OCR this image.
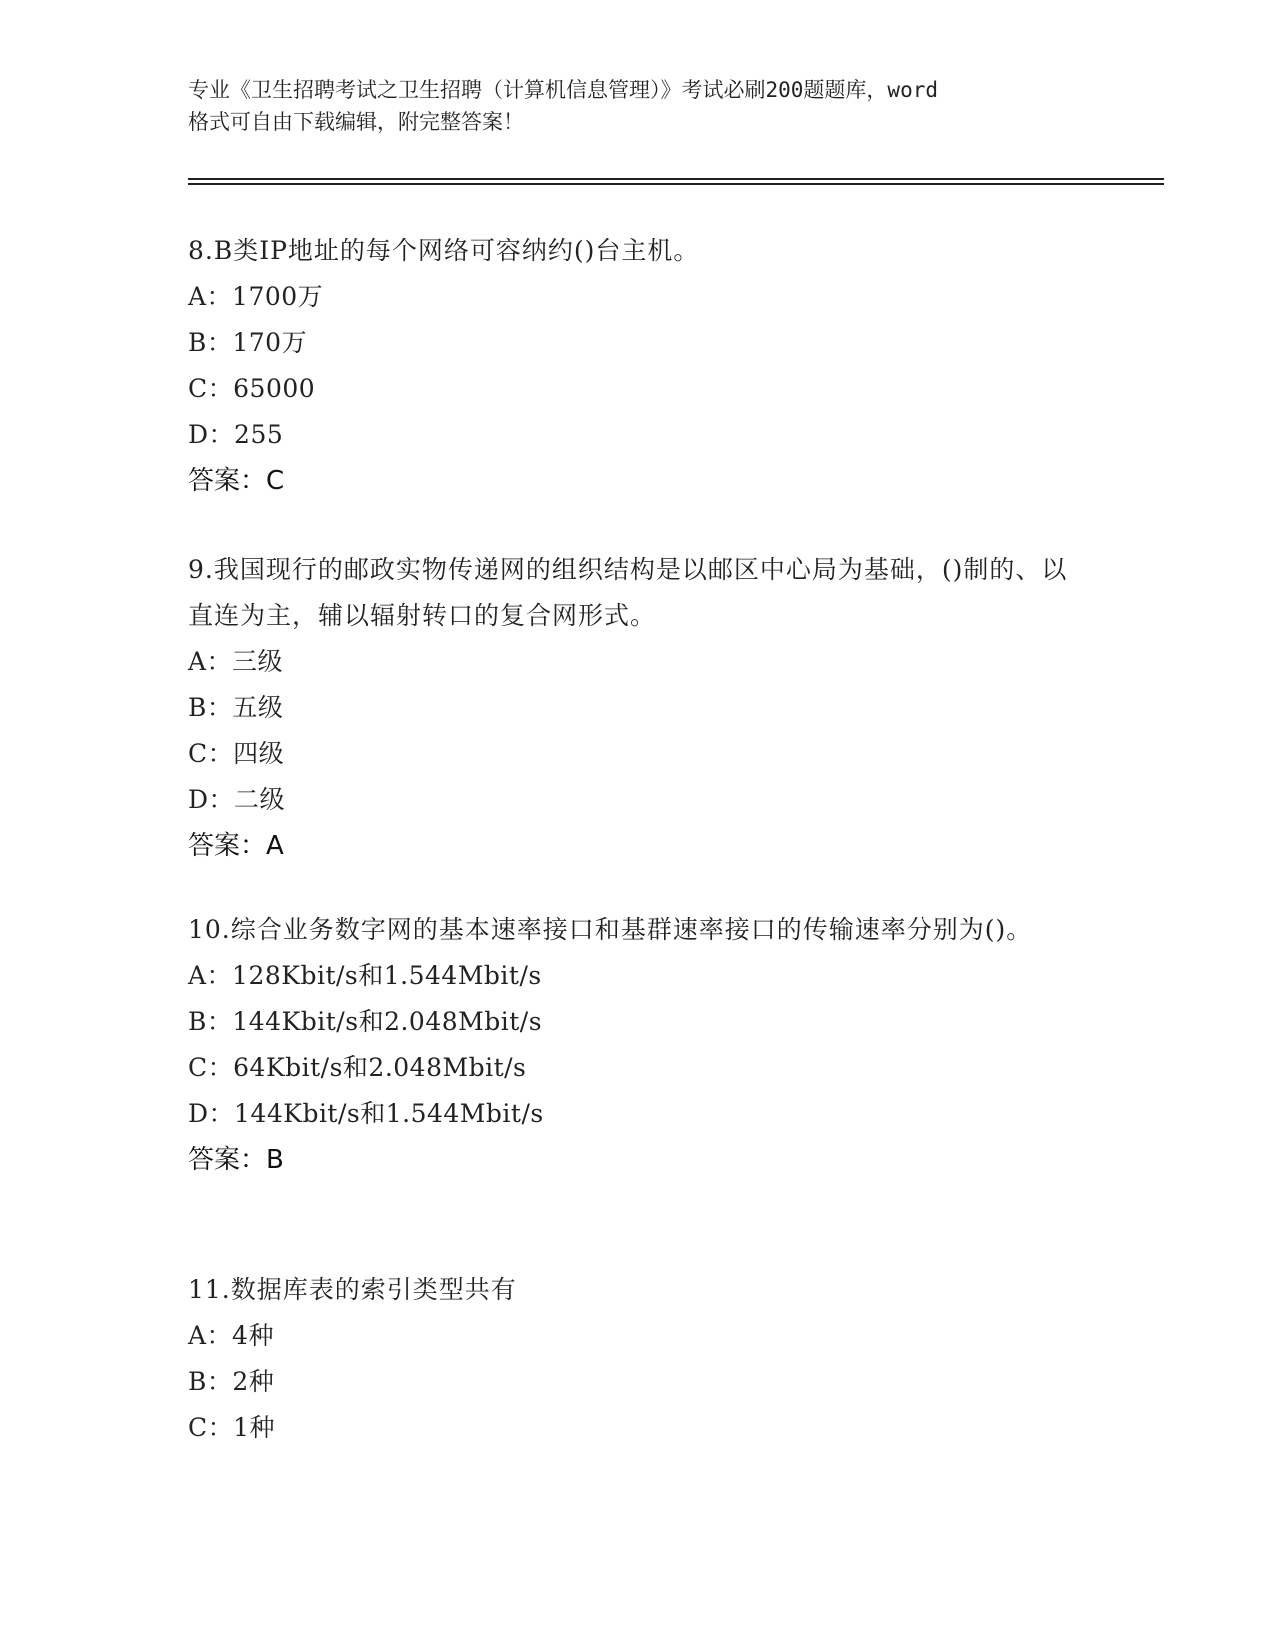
专业《卫生招聘考试之卫生招聘（计算机信息管理）》考试必刷200题题库，word
格式可自由下载编辑，附完整答案！
8.B类IP地址的每个网络可容纳约()台主机。
A：1700万
B：170万
C：65000
D：255
答案：C
9.我国现行的邮政实物传递网的组织结构是以邮区中心局为基础，()制的、以直连为主，辅以辐射转口的复合网形式。
A：三级
B：五级
C：四级
D：二级
答案：A
10.综合业务数字网的基本速率接口和基群速率接口的传输速率分别为()。
A：128Kbit/s和1.544Mbit/s
B：144Kbit/s和2.048Mbit/s
C：64Kbit/s和2.048Mbit/s
D：144Kbit/s和1.544Mbit/s
答案：B
11.数据库表的索引类型共有
A：4种
B：2种
C：1种
